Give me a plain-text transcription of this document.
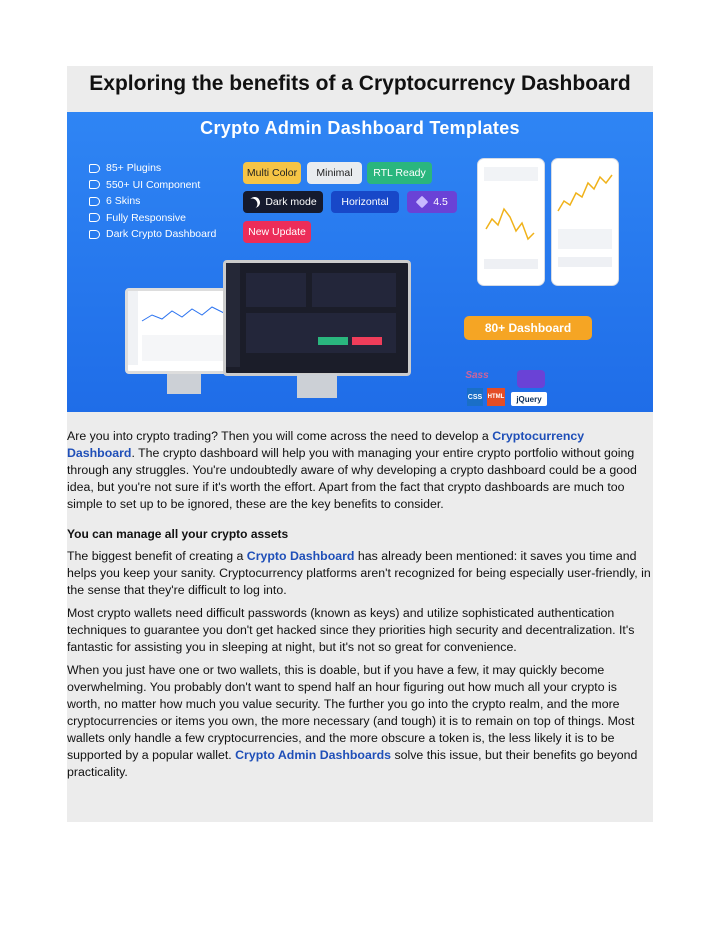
Exploring the benefits of a Cryptocurrency Dashboard
Crypto Admin Dashboard Templates
85+ Plugins
550+ UI Component
6 Skins
Fully Responsive
Dark Crypto Dashboard
Multi Color Minimal RTL Ready
Dark mode Horizontal	4.5
New Update
80+ Dashboard
Sass
CSS HTML	jQuery

Are you into crypto trading? Then you will come across the need to develop a Cryptocurrency Dashboard. The crypto dashboard will help you with managing your entire crypto portfolio without going through any struggles. You're undoubtedly aware of why developing a crypto dashboard could be a good idea, but you're not sure if it's worth the effort. Apart from the fact that crypto dashboards are much too simple to set up to be ignored, these are the key benefits to consider.

You can manage all your crypto assets

The biggest benefit of creating a Crypto Dashboard has already been mentioned: it saves you time and helps you keep your sanity. Cryptocurrency platforms aren't recognized for being especially user-friendly, in the sense that they're difficult to log into.

Most crypto wallets need difficult passwords (known as keys) and utilize sophisticated authentication techniques to guarantee you don't get hacked since they priorities high security and decentralization. It's fantastic for assisting you in sleeping at night, but it's not so great for convenience.

When you just have one or two wallets, this is doable, but if you have a few, it may quickly become overwhelming. You probably don't want to spend half an hour figuring out how much all your crypto is worth, no matter how much you value security. The further you go into the crypto realm, and the more cryptocurrencies or items you own, the more necessary (and tough) it is to remain on top of things. Most wallets only handle a few cryptocurrencies, and the more obscure a token is, the less likely it is to be supported by a popular wallet. Crypto Admin Dashboards solve this issue, but their benefits go beyond practicality.
